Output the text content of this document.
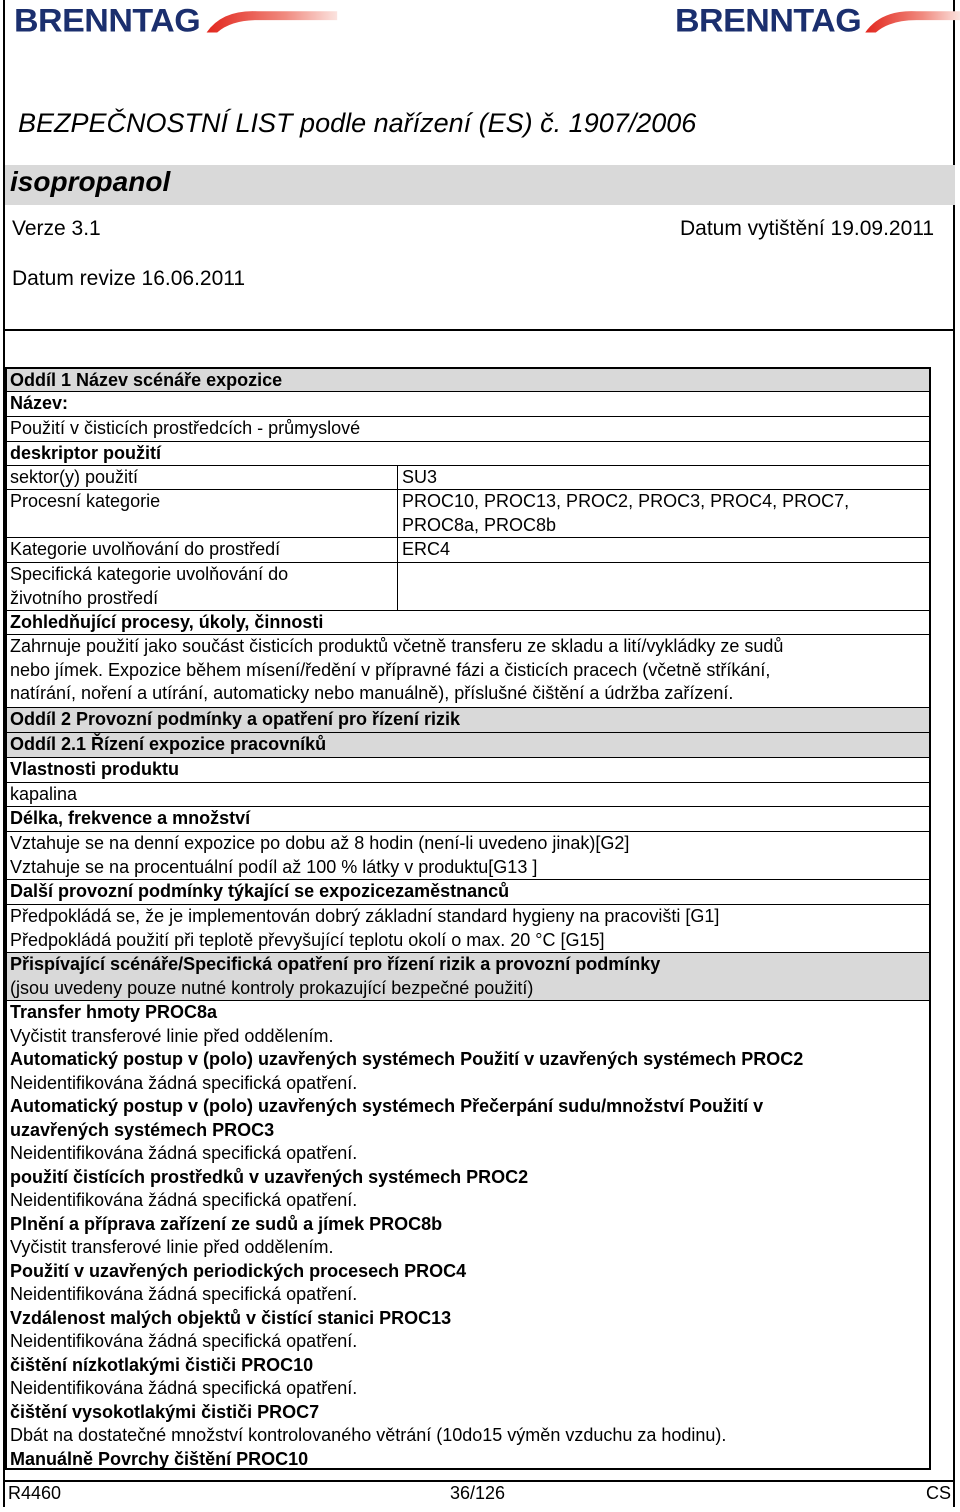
BRENNTAG	BRENNTAG
BEZPEČNOSTNÍ LIST podle nařízení (ES) č. 1907/2006
isopropanol
Verze 3.1	Datum vytištění 19.09.2011
Datum revize 16.06.2011
Oddíl 1 Název scénáře expozice
Název:
Použití v čisticích prostředcích - průmyslové
deskriptor použití
sektor(y) použití	SU3
Procesní kategorie	PROC10, PROC13, PROC2, PROC3, PROC4, PROC7,
PROC8a, PROC8b
Kategorie uvolňování do prostředí	ERC4
Specifická kategorie uvolňování do
životního prostředí
Zohledňující procesy, úkoly, činnosti
Zahrnuje použití jako součást čisticích produktů včetně transferu ze skladu a lití/vykládky ze sudů
nebo jímek. Expozice během mísení/ředění v přípravné fázi a čisticích pracech (včetně stříkání,
natírání, noření a utírání, automaticky nebo manuálně), příslušné čištění a údržba zařízení.
Oddíl 2 Provozní podmínky a opatření pro řízení rizik
Oddíl 2.1 Řízení expozice pracovníků
Vlastnosti produktu
kapalina
Délka, frekvence a množství
Vztahuje se na denní expozice po dobu až 8 hodin (není-li uvedeno jinak)[G2]
Vztahuje se na procentuální podíl až 100 % látky v produktu[G13 ]
Další provozní podmínky týkající se expozicezaměstnanců
Předpokládá se, že je implementován dobrý základní standard hygieny na pracovišti [G1]
Předpokládá použití při teplotě převyšující teplotu okolí o max. 20 °C [G15]
Přispívající scénáře/Specifická opatření pro řízení rizik a provozní podmínky
(jsou uvedeny pouze nutné kontroly prokazující bezpečné použití)
Transfer hmoty PROC8a
Vyčistit transferové linie před oddělením.
Automatický postup v (polo) uzavřených systémech Použití v uzavřených systémech PROC2
Neidentifikována žádná specifická opatření.
Automatický postup v (polo) uzavřených systémech Přečerpání sudu/množství Použití v
uzavřených systémech PROC3
Neidentifikována žádná specifická opatření.
použití čistících prostředků v uzavřených systémech PROC2
Neidentifikována žádná specifická opatření.
Plnění a příprava zařízení ze sudů a jímek PROC8b
Vyčistit transferové linie před oddělením.
Použití v uzavřených periodických procesech PROC4
Neidentifikována žádná specifická opatření.
Vzdálenost malých objektů v čistící stanici PROC13
Neidentifikována žádná specifická opatření.
čištění nízkotlakými čističi PROC10
Neidentifikována žádná specifická opatření.
čištění vysokotlakými čističi PROC7
Dbát na dostatečné množství kontrolovaného větrání (10do15 výměn vzduchu za hodinu).
Manuálně Povrchy čištění PROC10
R4460	36/126	CS
